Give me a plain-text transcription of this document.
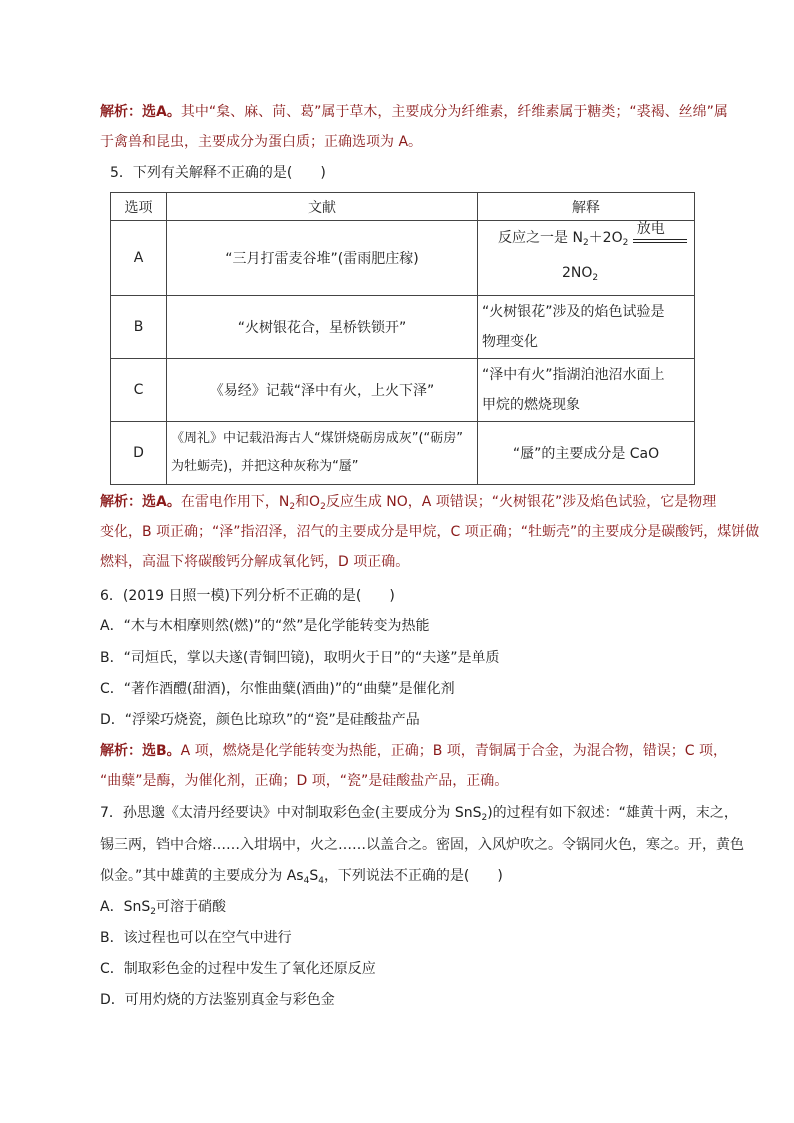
解析：选A。其中“枲、麻、苘、葛”属于草木，主要成分为纤维素，纤维素属于糖类；“裘褐、丝绵”属
于禽兽和昆虫，主要成分为蛋白质；正确选项为 A。
5．下列有关解释不正确的是(　　)
选项	文献	解释
A	“三月打雷麦谷堆”(雷雨肥庄稼)	反应之一是 $N_2+2O_2$
放电
$2NO_2$

B	“火树银花合，星桥铁锁开”	“火树银花”涉及的焰色试验是
物理变化

C	《易经》记载“泽中有火，上火下泽”	“泽中有火”指湖泊池沼水面上
甲烷的燃烧现象

D	《周礼》中记载沿海古人“煤饼烧砺房成灰”(“砺房”
为牡蛎壳)，并把这种灰称为“蜃”	“蜃”的主要成分是 CaO
解析：选A。在雷电作用下，$N_2$和$O_2$反应生成 NO，A 项错误；“火树银花”涉及焰色试验，它是物理
变化，B 项正确；“泽”指沼泽，沼气的主要成分是甲烷，C 项正确；“牡蛎壳”的主要成分是碳酸钙，煤饼做
燃料，高温下将碳酸钙分解成氧化钙，D 项正确。
6．(2019 日照一模)下列分析不正确的是(　　)
A．“木与木相摩则然(燃)”的“然”是化学能转变为热能
B．“司烜氏，掌以夫遂(青铜凹镜)，取明火于日”的“夫遂”是单质
C．“著作酒醴(甜酒)，尔惟曲糵(酒曲)”的“曲糵”是催化剂
D．“浮梁巧烧瓷，颜色比琼玖”的“瓷”是硅酸盐产品
解析：选B。A 项，燃烧是化学能转变为热能，正确；B 项，青铜属于合金，为混合物，错误；C 项，
“曲糵”是酶，为催化剂，正确；D 项，“瓷”是硅酸盐产品，正确。
7．孙思邈《太清丹经要诀》中对制取彩色金(主要成分为 SnS$_2$)的过程有如下叙述：“雄黄十两，末之，
锡三两，铛中合熔……入坩埚中，火之……以盖合之。密固，入风炉吹之。令锅同火色，寒之。开，黄色
似金。”其中雄黄的主要成分为 $As_4S_4$，下列说法不正确的是(　　)
A．SnS$_2$可溶于硝酸
B．该过程也可以在空气中进行
C．制取彩色金的过程中发生了氧化还原反应
D．可用灼烧的方法鉴别真金与彩色金
